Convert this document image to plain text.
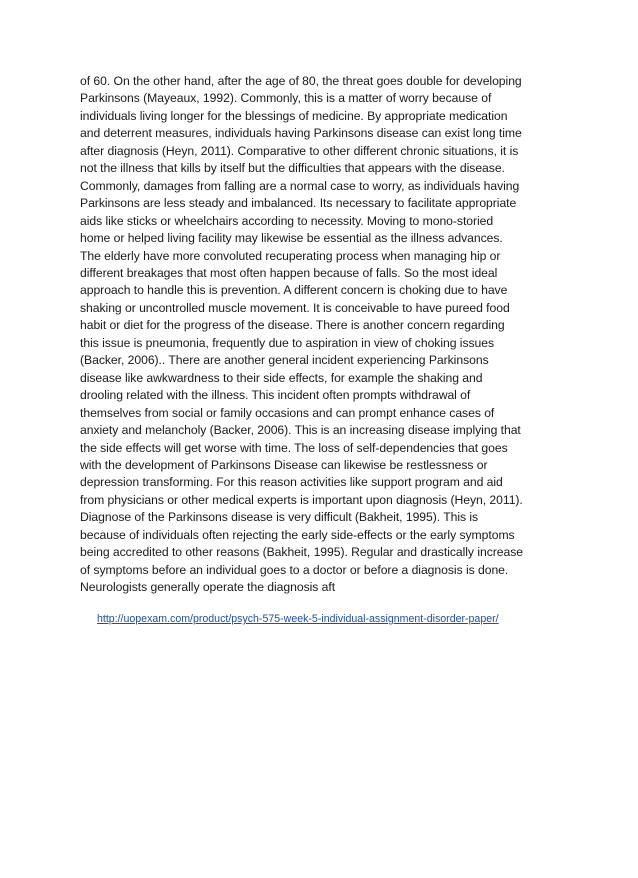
of 60. On the other hand, after the age of 80, the threat goes double for developing
Parkinsons (Mayeaux, 1992). Commonly, this is a matter of worry because of
individuals living longer for the blessings of medicine. By appropriate medication
and deterrent measures, individuals having Parkinsons disease can exist long time
after diagnosis (Heyn, 2011). Comparative to other different chronic situations, it is
not the illness that kills by itself but the difficulties that appears with the disease.
Commonly, damages from falling are a normal case to worry, as individuals having
Parkinsons are less steady and imbalanced. Its necessary to facilitate appropriate
aids like sticks or wheelchairs according to necessity. Moving to mono-storied
home or helped living facility may likewise be essential as the illness advances.
The elderly have more convoluted recuperating process when managing hip or
different breakages that most often happen because of falls. So the most ideal
approach to handle this is prevention. A different concern is choking due to have
shaking or uncontrolled muscle movement. It is conceivable to have pureed food
habit or diet for the progress of the disease. There is another concern regarding
this issue is pneumonia, frequently due to aspiration in view of choking issues
(Backer, 2006).. There are another general incident experiencing Parkinsons
disease like awkwardness to their side effects, for example the shaking and
drooling related with the illness. This incident often prompts withdrawal of
themselves from social or family occasions and can prompt enhance cases of
anxiety and melancholy (Backer, 2006). This is an increasing disease implying that
the side effects will get worse with time. The loss of self-dependencies that goes
with the development of Parkinsons Disease can likewise be restlessness or
depression transforming. For this reason activities like support program and aid
from physicians or other medical experts is important upon diagnosis (Heyn, 2011).
Diagnose of the Parkinsons disease is very difficult (Bakheit, 1995). This is
because of individuals often rejecting the early side-effects or the early symptoms
being accredited to other reasons (Bakheit, 1995). Regular and drastically increase
of symptoms before an individual goes to a doctor or before a diagnosis is done.
Neurologists generally operate the diagnosis aft

http://uopexam.com/product/psych-575-week-5-individual-assignment-disorder-paper/
